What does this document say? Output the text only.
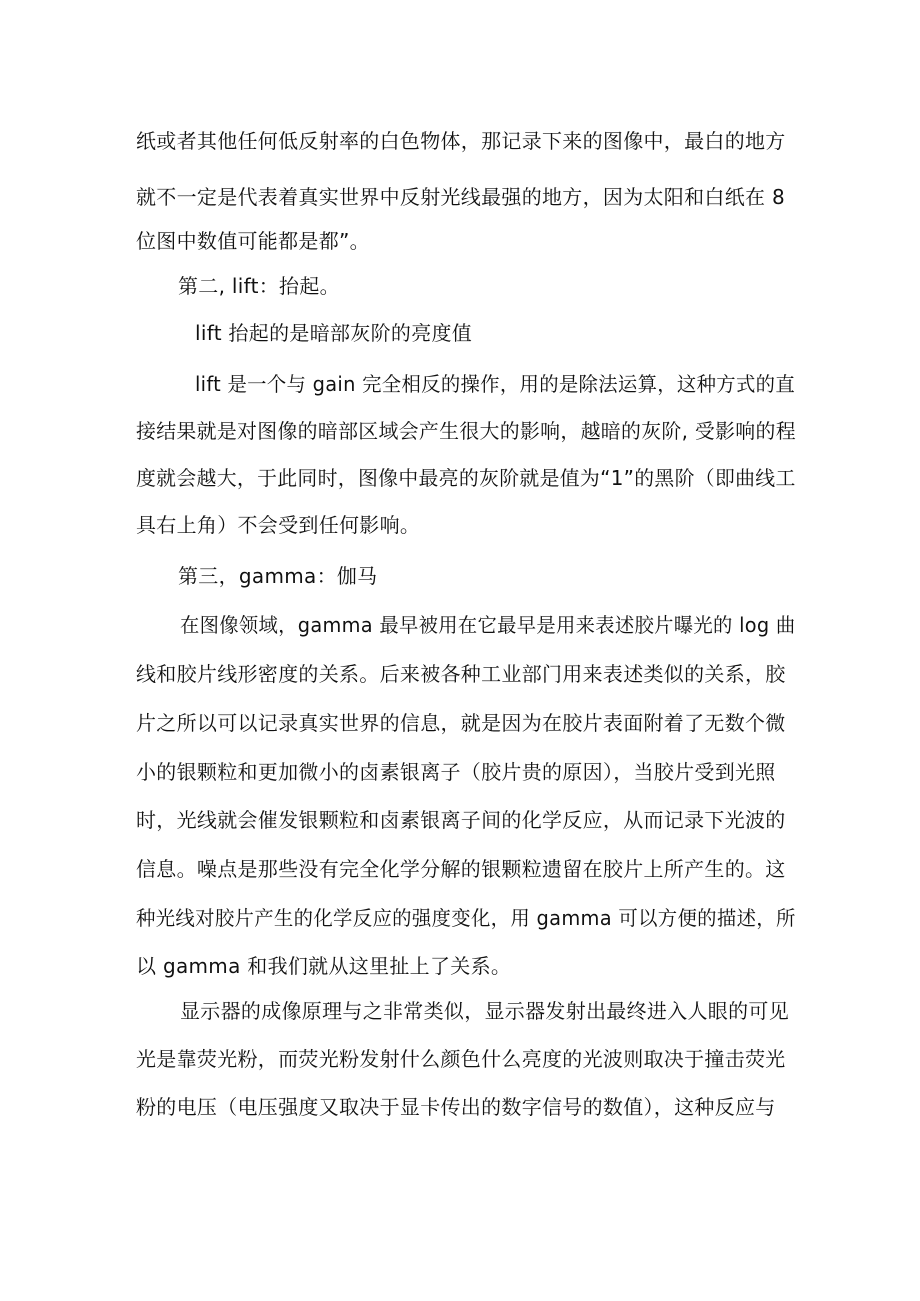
纸或者其他任何低反射率的白色物体，那记录下来的图像中，最白的地方
就不一定是代表着真实世界中反射光线最强的地方，因为太阳和白纸在 8
位图中数值可能都是都”。
第二, lift：抬起。
lift 抬起的是暗部灰阶的亮度值
lift 是一个与 gain 完全相反的操作，用的是除法运算，这种方式的直
接结果就是对图像的暗部区域会产生很大的影响，越暗的灰阶, 受影响的程
度就会越大，于此同时，图像中最亮的灰阶就是值为“1”的黑阶（即曲线工
具右上角）不会受到任何影响。
第三，gamma：伽马
在图像领域，gamma 最早被用在它最早是用来表述胶片曝光的 log 曲
线和胶片线形密度的关系。后来被各种工业部门用来表述类似的关系，胶
片之所以可以记录真实世界的信息，就是因为在胶片表面附着了无数个微
小的银颗粒和更加微小的卤素银离子（胶片贵的原因），当胶片受到光照
时，光线就会催发银颗粒和卤素银离子间的化学反应，从而记录下光波的
信息。噪点是那些没有完全化学分解的银颗粒遗留在胶片上所产生的。这
种光线对胶片产生的化学反应的强度变化，用 gamma 可以方便的描述，所
以 gamma 和我们就从这里扯上了关系。
显示器的成像原理与之非常类似，显示器发射出最终进入人眼的可见
光是靠荧光粉，而荧光粉发射什么颜色什么亮度的光波则取决于撞击荧光
粉的电压（电压强度又取决于显卡传出的数字信号的数值），这种反应与
